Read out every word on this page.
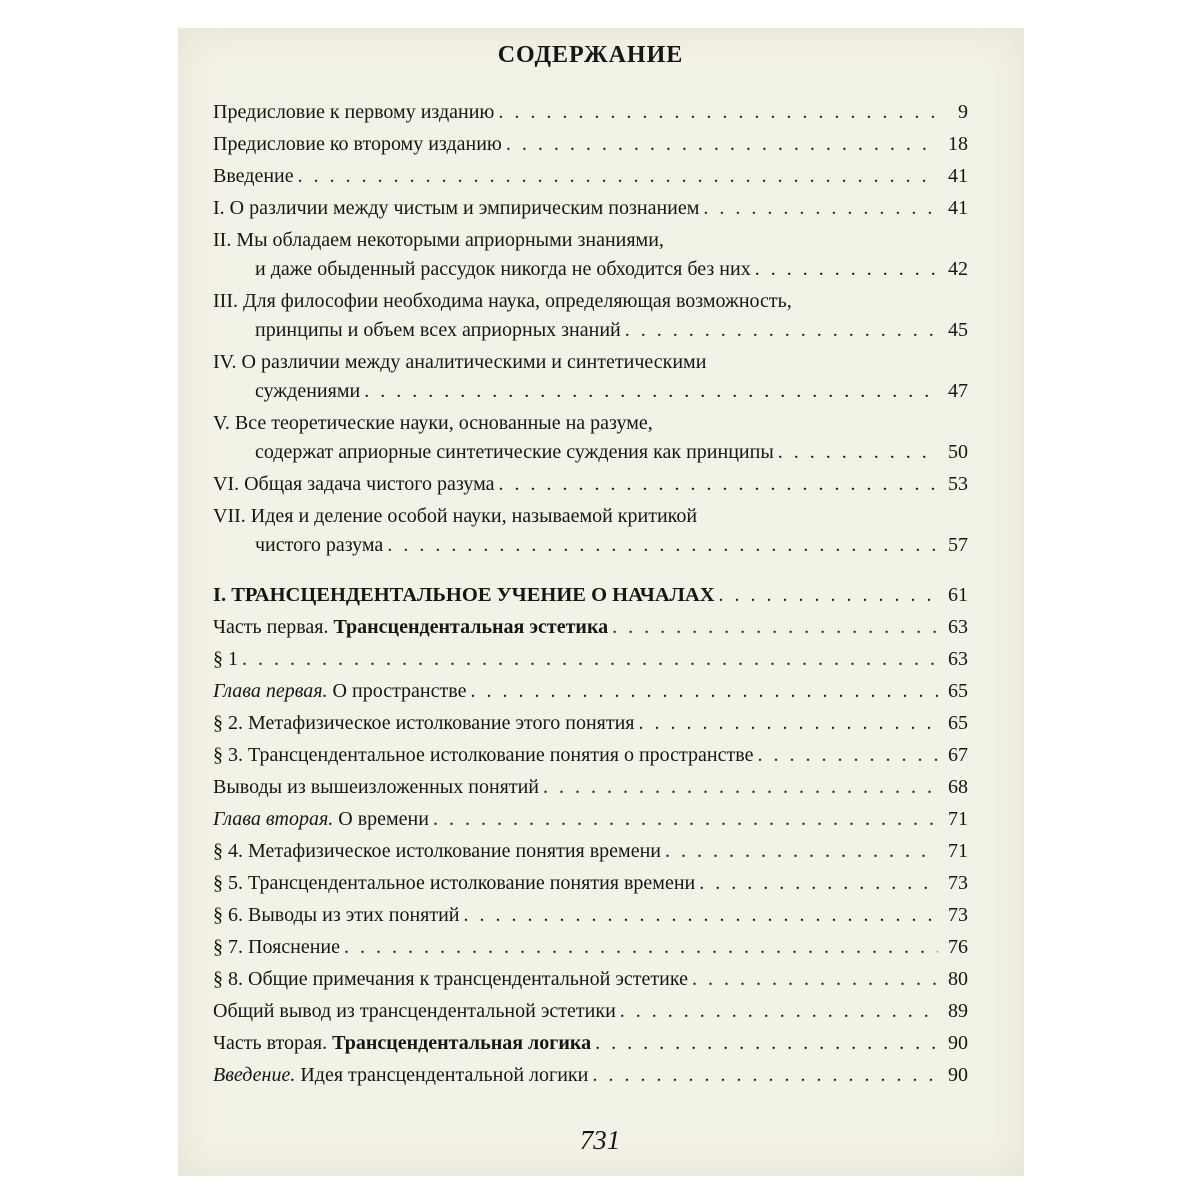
СОДЕРЖАНИЕ
Предисловие к первому изданию . . .	9
Предисловие ко второму изданию . . .	18
Введение . . .	41
I. О различии между чистым и эмпирическим познанием . . .	41
II. Мы обладаем некоторыми априорными знаниями,
и даже обыденный рассудок никогда не обходится без них . . .	42
III. Для философии необходима наука, определяющая возможность,
принципы и объем всех априорных знаний . . .	45
IV. О различии между аналитическими и синтетическими
суждениями . . .	47
V. Все теоретические науки, основанные на разуме,
содержат априорные синтетические суждения как принципы . . .	50
VI. Общая задача чистого разума . . .	53
VII. Идея и деление особой науки, называемой критикой
чистого разума . . .	57
I. ТРАНСЦЕНДЕНТАЛЬНОЕ УЧЕНИЕ О НАЧАЛАХ . . .	61
Часть первая. Трансцендентальная эстетика . . .	63
§ 1 . . .	63
Глава первая. О пространстве . . .	65
§ 2. Метафизическое истолкование этого понятия . . .	65
§ 3. Трансцендентальное истолкование понятия о пространстве . . .	67
Выводы из вышеизложенных понятий . . .	68
Глава вторая. О времени . . .	71
§ 4. Метафизическое истолкование понятия времени . . .	71
§ 5. Трансцендентальное истолкование понятия времени . . .	73
§ 6. Выводы из этих понятий . . .	73
§ 7. Пояснение . . .	76
§ 8. Общие примечания к трансцендентальной эстетике . . .	80
Общий вывод из трансцендентальной эстетики . . .	89
Часть вторая. Трансцендентальная логика . . .	90
Введение. Идея трансцендентальной логики . . .	90
731
